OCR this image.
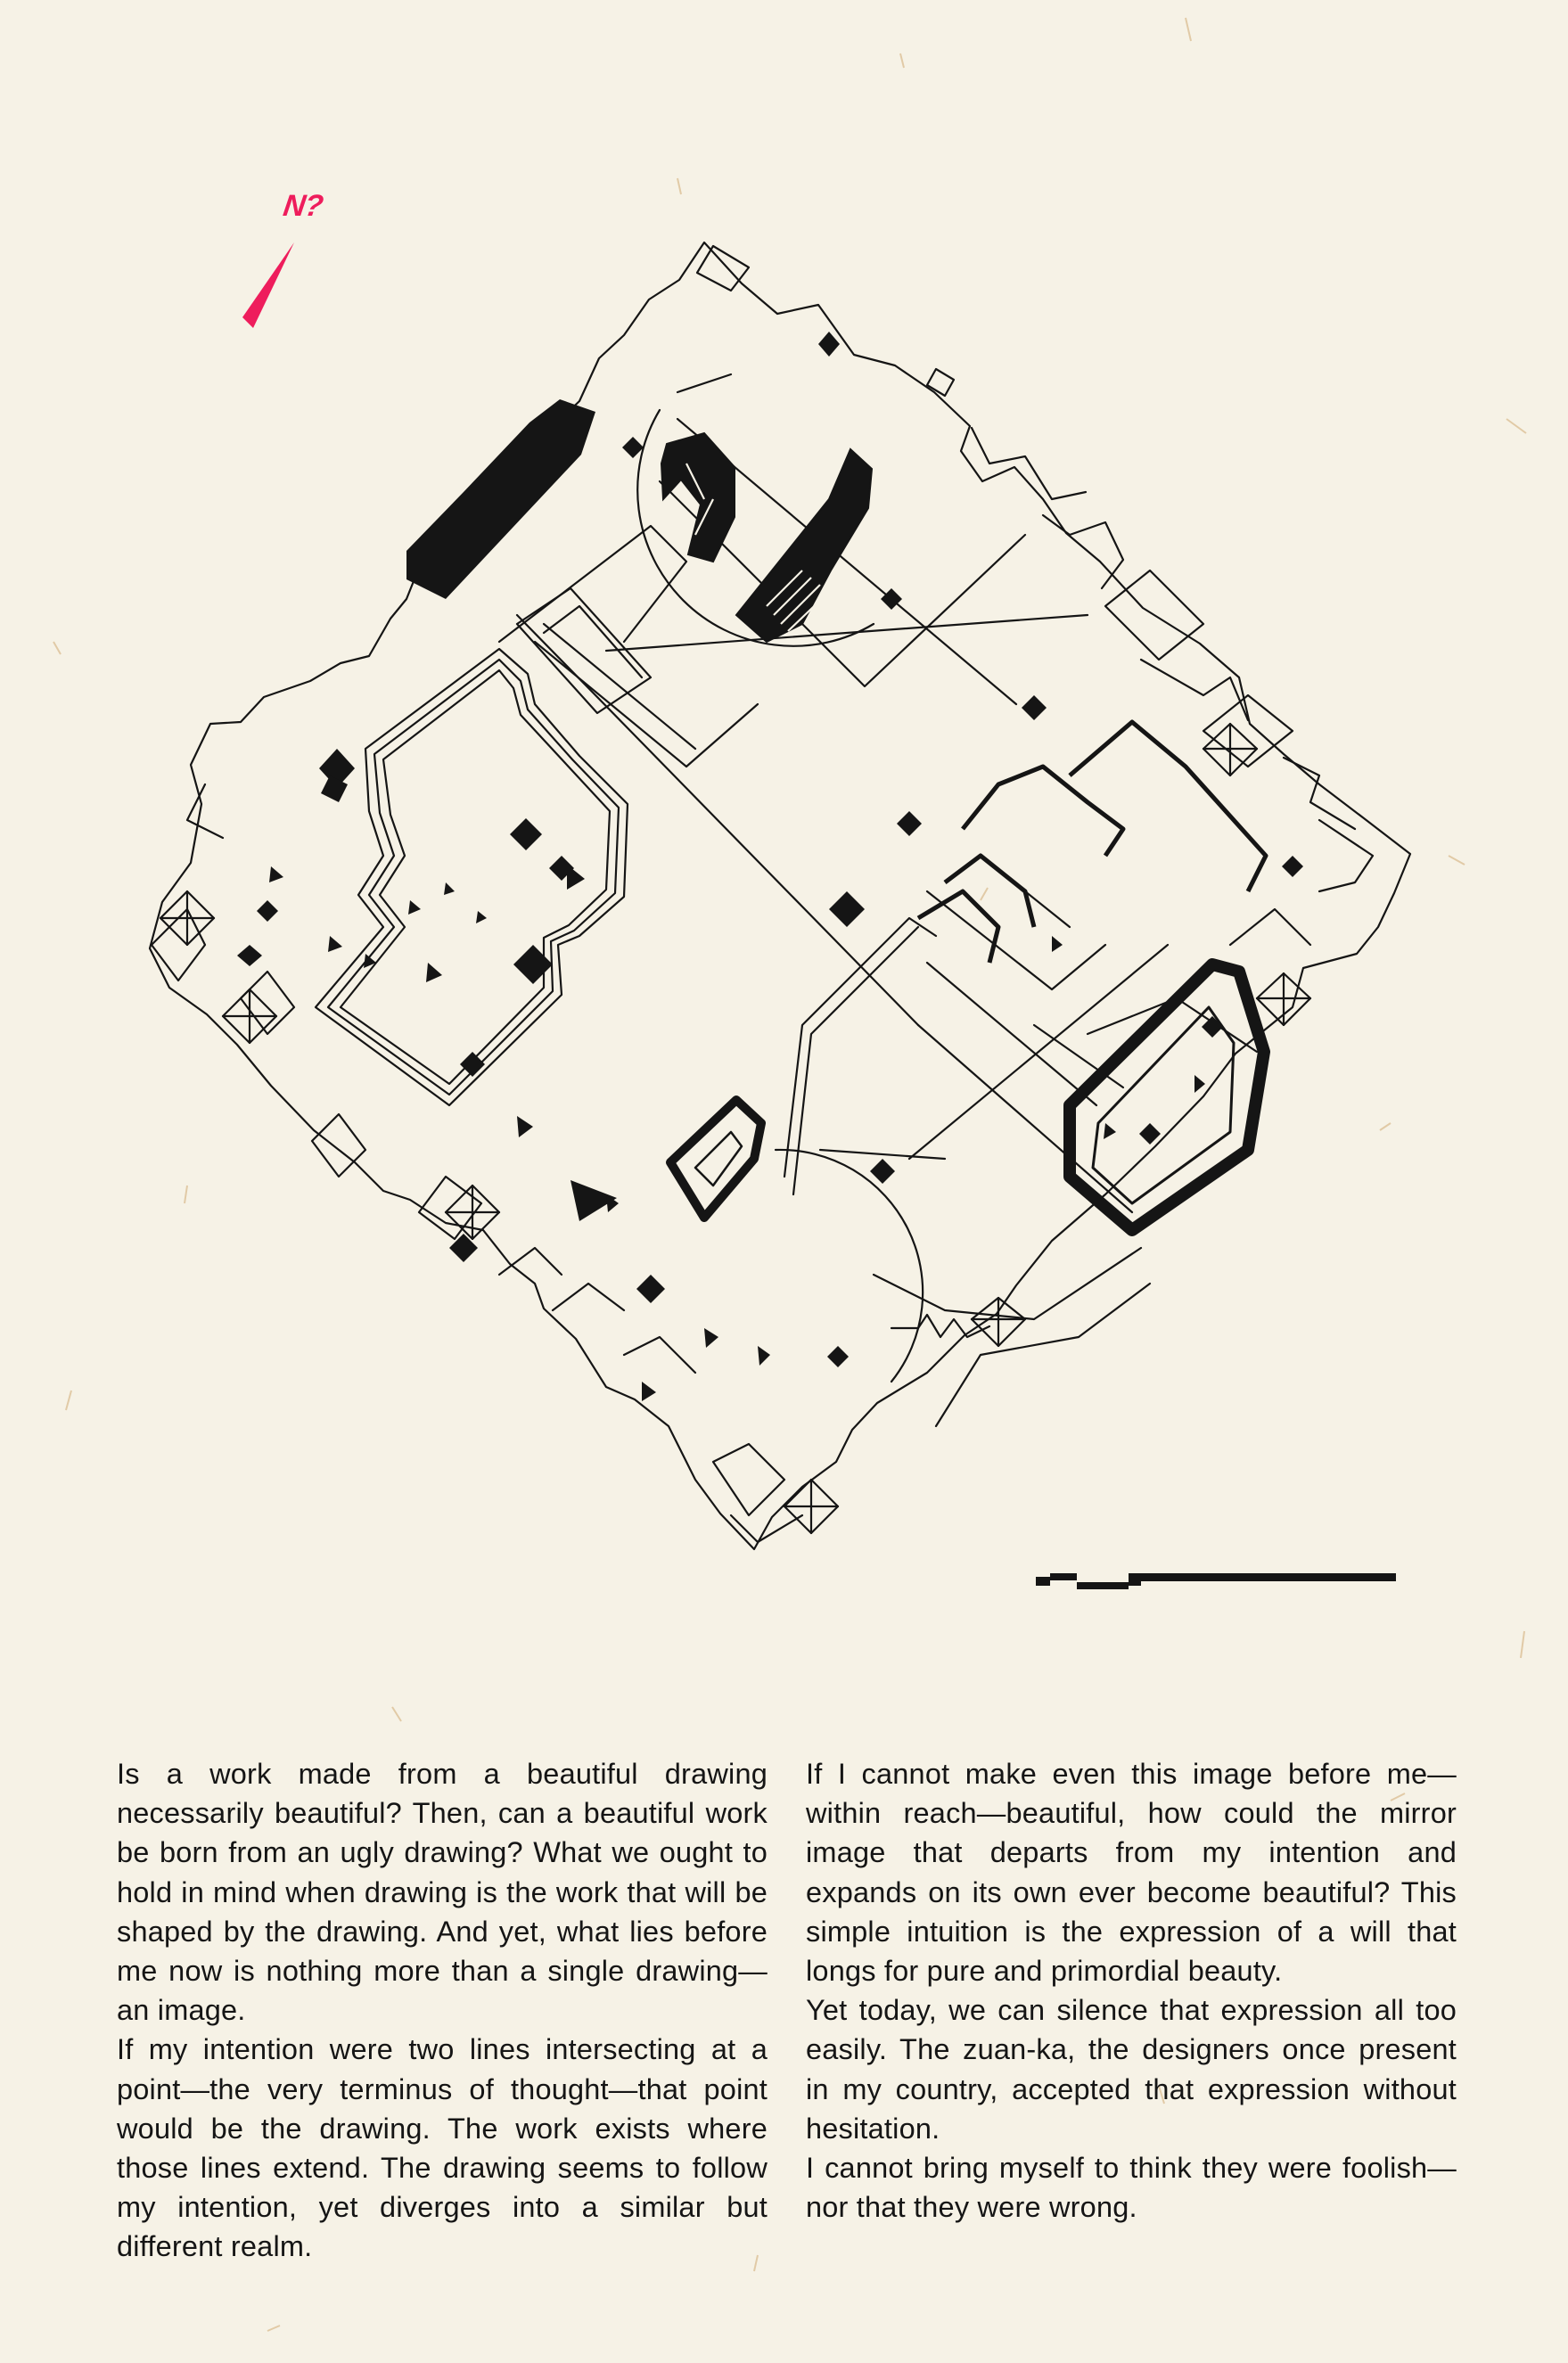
N?

Is a work made from a beautiful drawing necessarily beautiful? Then, can a beautiful work be born from an ugly drawing? What we ought to hold in mind when drawing is the work that will be shaped by the drawing. And yet, what lies before me now is nothing more than a single drawing—an image.

If my intention were two lines intersecting at a point—the very terminus of thought—that point would be the drawing. The work exists where those lines extend. The drawing seems to follow my intention, yet diverges into a similar but different realm.

If I cannot make even this image before me—within reach—beautiful, how could the mirror image that departs from my intention and expands on its own ever become beautiful? This simple intuition is the expression of a will that longs for pure and primordial beauty.

Yet today, we can silence that expression all too easily. The zuan-ka, the designers once present in my country, accepted that expression without hesitation.

I cannot bring myself to think they were foolish—nor that they were wrong.
